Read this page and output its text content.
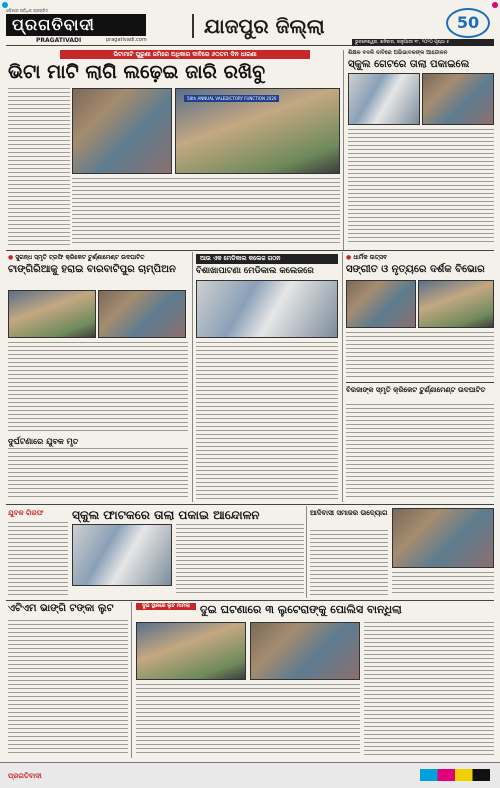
ଓଡ଼ିଶାର ସର୍ବାଧିକ ପ୍ରଚାରିତ
ପ୍ରଗତିବାଦୀ
PRAGATIVADI	pragativadi.com
ଯାଜପୁର ଜିଲ୍ଲା	50
ଭୁବନେଶ୍ୱର, ଶନିବାର, ଜାନୁଆରୀ ୧୮, ୨୦୨୦ ପୃଷ୍ଠା ୫
ଭିଟାମାଟି ପୁରୁଣା ଜମିରେ ଅଧିକାର ଦାବିରେ ୬୦ତମ ଦିନ ଧାରଣା
ଭିଟା ମାଟି ଲାଗି ଲଢ଼େଇ ଜାରି ରଖିବୁ
58th ANNUAL VALEDICTORY FUNCTION 2020
ଶିକ୍ଷକ ବଦଳି ଦାବିରେ ଅଭିଭାବକଙ୍କ ଆନ୍ଦୋଳନ
ସ୍କୁଲ ଗେଟରେ ତାଲା ପକାଇଲେ
● ସୁଗନ୍ଧ ସ୍ମୃତି ଟ୍ରଫି କ୍ରିକେଟ ଟୁର୍ଣ୍ଣାମେଣ୍ଟ ଉଦଘାଟିତ
ଟାଙ୍ଗିରିଆକୁ ହରାଇ ବାରବାଟିପୁର ଚାମ୍ପିଅନ
ଦୁର୍ଘଟଣାରେ ଯୁବକ ମୃତ
ଆଉ ଏକ ମେଡିକାଲ କଲେଜ ଗଠନ
ବିଶାଖାପାଟଣା ମେଡିକାଲ କଲେଜରେ
● ଧାର୍ମିକ ଉତ୍ସବ
ସଙ୍ଗୀତ ଓ ନୃତ୍ୟରେ ଦର୍ଶକ ବିଭୋର
ବିରଜାଙ୍କ ସ୍ମୃତି କ୍ରିକେଟ ଟୁର୍ଣ୍ଣାମେଣ୍ଟ ଉଦଘାଟିତ
ଯୁବକ ଗିରଫ	ସ୍କୁଲ ଫାଟକରେ ତାଲା ପକାଇ ଆନ୍ଦୋଳନ	ଆଦିବାସୀ ସମାଜର ଉଦ୍ୟୋଗ
ଏଟିଏମ ଭାଙ୍ଗି ଟଙ୍କା ଲୁଟ	ଦୁଇ ସ୍ଥାନରେ ଲୁଟ ମାମଲା ଦୁଇ ଘଟଣାରେ ୩ ଲୁଟେରାଙ୍କୁ ପୋଲିସ ବାନ୍ଧିଲା
ପ୍ରଗତିବାଦୀ
